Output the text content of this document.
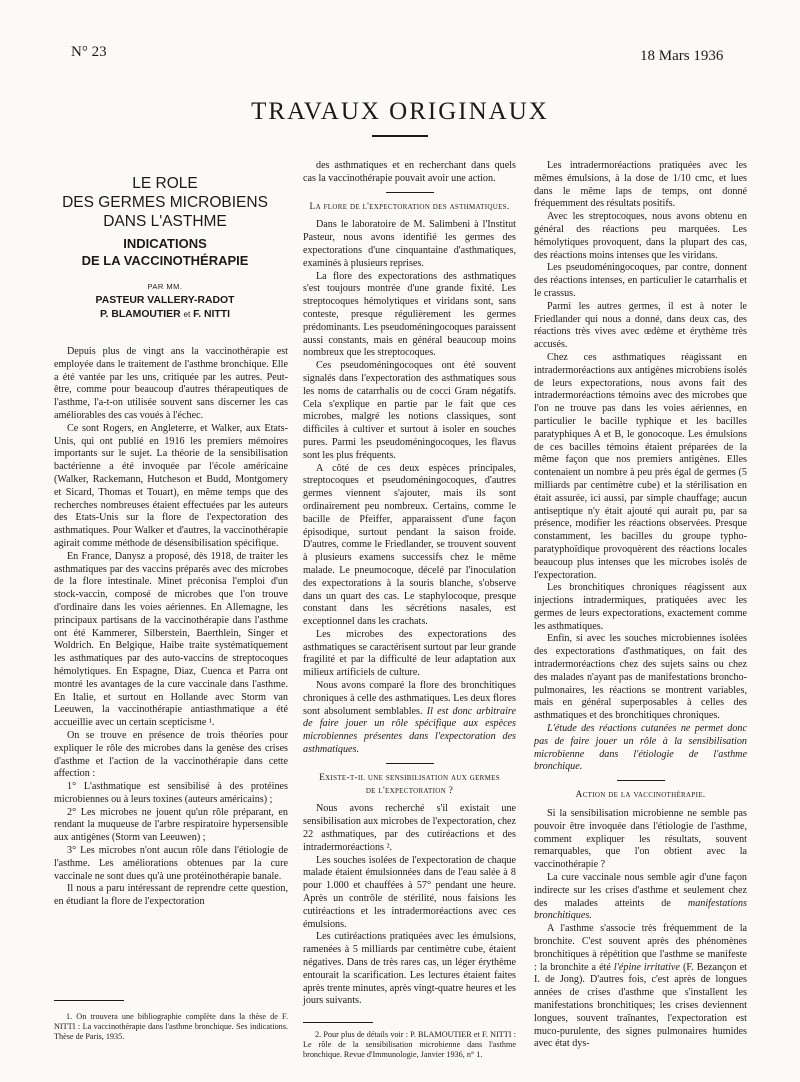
N° 23	18 Mars 1936
TRAVAUX ORIGINAUX
LE ROLE
DES GERMES MICROBIENS
DANS L'ASTHME
INDICATIONS
DE LA VACCINOTHÉRAPIE
PAR MM.
PASTEUR VALLERY-RADOT
P. BLAMOUTIER et F. NITTI

Depuis plus de vingt ans la vaccinothérapie est employée dans le traitement de l'asthme bronchique. Elle a été vantée par les uns, critiquée par les autres. Peut-être, comme pour beaucoup d'autres thérapeutiques de l'asthme, l'a-t-on utilisée souvent sans discerner les cas améliorables des cas voués à l'échec.

Ce sont Rogers, en Angleterre, et Walker, aux Etats-Unis, qui ont publié en 1916 les premiers mémoires importants sur le sujet. La théorie de la sensibilisation bactérienne a été invoquée par l'école américaine (Walker, Rackemann, Hutcheson et Budd, Montgomery et Sicard, Thomas et Touart), en même temps que des recherches nombreuses étaient effectuées par les auteurs des Etats-Unis sur la flore de l'expectoration des asthmatiques. Pour Walker et d'autres, la vaccinothérapie agirait comme méthode de désensibilisation spécifique.

En France, Danysz a proposé, dès 1918, de traiter les asthmatiques par des vaccins préparés avec des microbes de la flore intestinale. Minet préconisa l'emploi d'un stock-vaccin, composé de microbes que l'on trouve d'ordinaire dans les voies aériennes. En Allemagne, les principaux partisans de la vaccinothérapie dans l'asthme ont été Kammerer, Silberstein, Baerthlein, Singer et Woldrich. En Belgique, Haibe traite systématiquement les asthmatiques par des auto-vaccins de streptocoques hémolytiques. En Espagne, Diaz, Cuenca et Parra ont montré les avantages de la cure vaccinale dans l'asthme. En Italie, et surtout en Hollande avec Storm van Leeuwen, la vaccinothérapie antiasthmatique a été accueillie avec un certain scepticisme ¹.

On se trouve en présence de trois théories pour expliquer le rôle des microbes dans la genèse des crises d'asthme et l'action de la vaccinothérapie dans cette affection :

1° L'asthmatique est sensibilisé à des protéines microbiennes ou à leurs toxines (auteurs américains) ;

2° Les microbes ne jouent qu'un rôle préparant, en rendant la muqueuse de l'arbre respiratoire hypersensible aux antigènes (Storm van Leeuwen) ;

3° Les microbes n'ont aucun rôle dans l'étiologie de l'asthme. Les améliorations obtenues par la cure vaccinale ne sont dues qu'à une protéinothérapie banale.

Il nous a paru intéressant de reprendre cette question, en étudiant la flore de l'expectoration

1. On trouvera une bibliographie complète dans la thèse de F. NITTI : La vaccinothérapie dans l'asthme bronchique. Ses indications. Thèse de Paris, 1935.

des asthmatiques et en recherchant dans quels cas la vaccinothérapie pouvait avoir une action.

La flore de l'expectoration des asthmatiques.

Dans le laboratoire de M. Salimbeni à l'Institut Pasteur, nous avons identifié les germes des expectorations d'une cinquantaine d'asthmatiques, examinés à plusieurs reprises.

La flore des expectorations des asthmatiques s'est toujours montrée d'une grande fixité. Les streptocoques hémolytiques et viridans sont, sans conteste, presque régulièrement les germes prédominants. Les pseudoméningocoques paraissent aussi constants, mais en général beaucoup moins nombreux que les streptocoques.

Ces pseudoméningocoques ont été souvent signalés dans l'expectoration des asthmatiques sous les noms de catarrhalis ou de cocci Gram négatifs. Cela s'explique en partie par le fait que ces microbes, malgré les notions classiques, sont difficiles à cultiver et surtout à isoler en souches pures. Parmi les pseudoméningocoques, les flavus sont les plus fréquents.

A côté de ces deux espèces principales, streptocoques et pseudoméningocoques, d'autres germes viennent s'ajouter, mais ils sont ordinairement peu nombreux. Certains, comme le bacille de Pfeiffer, apparaissent d'une façon épisodique, surtout pendant la saison froide. D'autres, comme le Friedlander, se trouvent souvent à plusieurs examens successifs chez le même malade. Le pneumocoque, décelé par l'inoculation des expectorations à la souris blanche, s'observe dans un quart des cas. Le staphylocoque, presque constant dans les sécrétions nasales, est exceptionnel dans les crachats.

Les microbes des expectorations des asthmatiques se caractérisent surtout par leur grande fragilité et par la difficulté de leur adaptation aux milieux artificiels de culture.

Nous avons comparé la flore des bronchitiques chroniques à celle des asthmatiques. Les deux flores sont absolument semblables. Il est donc arbitraire de faire jouer un rôle spécifique aux espèces microbiennes présentes dans l'expectoration des asthmatiques.

Existe-t-il une sensibilisation aux germes
de l'expectoration ?

Nous avons recherché s'il existait une sensibilisation aux microbes de l'expectoration, chez 22 asthmatiques, par des cutiréactions et des intradermoréactions ².

Les souches isolées de l'expectoration de chaque malade étaient émulsionnées dans de l'eau salée à 8 pour 1.000 et chauffées à 57° pendant une heure. Après un contrôle de stérilité, nous faisions les cutiréactions et les intradermoréactions avec ces émulsions.

Les cutiréactions pratiquées avec les émulsions, ramenées à 5 milliards par centimètre cube, étaient négatives. Dans de très rares cas, un léger érythème entourait la scarification. Les lectures étaient faites après trente minutes, après vingt-quatre heures et les jours suivants.

2. Pour plus de détails voir : P. BLAMOUTIER et F. NITTI : Le rôle de la sensibilisation microbienne dans l'asthme bronchique. Revue d'Immunologie, Janvier 1936, n° 1.

Les intradermoréactions pratiquées avec les mêmes émulsions, à la dose de 1/10 cmc, et lues dans le même laps de temps, ont donné fréquemment des résultats positifs.

Avec les streptocoques, nous avons obtenu en général des réactions peu marquées. Les hémolytiques provoquent, dans la plupart des cas, des réactions moins intenses que les viridans.

Les pseudoméningocoques, par contre, donnent des réactions intenses, en particulier le catarrhalis et le crassus.

Parmi les autres germes, il est à noter le Friedlander qui nous a donné, dans deux cas, des réactions très vives avec œdème et érythème très accusés.

Chez ces asthmatiques réagissant en intradermoréactions aux antigènes microbiens isolés de leurs expectorations, nous avons fait des intradermoréactions témoins avec des microbes que l'on ne trouve pas dans les voies aériennes, en particulier le bacille typhique et les bacilles paratyphiques A et B, le gonocoque. Les émulsions de ces bacilles témoins étaient préparées de la même façon que nos premiers antigènes. Elles contenaient un nombre à peu près égal de germes (5 milliards par centimètre cube) et la stérilisation en était assurée, ici aussi, par simple chauffage; aucun antiseptique n'y était ajouté qui aurait pu, par sa présence, modifier les réactions observées. Presque constamment, les bacilles du groupe typho-paratyphoïdique provoquèrent des réactions locales beaucoup plus intenses que les microbes isolés de l'expectoration.

Les bronchitiques chroniques réagissent aux injections intradermiques, pratiquées avec les germes de leurs expectorations, exactement comme les asthmatiques.

Enfin, si avec les souches microbiennes isolées des expectorations d'asthmatiques, on fait des intradermoréactions chez des sujets sains ou chez des malades n'ayant pas de manifestations broncho-pulmonaires, les réactions se montrent variables, mais en général superposables à celles des asthmatiques et des bronchitiques chroniques.

L'étude des réactions cutanées ne permet donc pas de faire jouer un rôle à la sensibilisation microbienne dans l'étiologie de l'asthme bronchique.

Action de la vaccinothérapie.

Si la sensibilisation microbienne ne semble pas pouvoir être invoquée dans l'étiologie de l'asthme, comment expliquer les résultats, souvent remarquables, que l'on obtient avec la vaccinothérapie ?

La cure vaccinale nous semble agir d'une façon indirecte sur les crises d'asthme et seulement chez des malades atteints de manifestations bronchitiques.

A l'asthme s'associe très fréquemment de la bronchite. C'est souvent après des phénomènes bronchitiques à répétition que l'asthme se manifeste : la bronchite a été l'épine irritative (F. Bezançon et I. de Jong). D'autres fois, c'est après de longues années de crises d'asthme que s'installent les manifestations bronchitiques; les crises deviennent longues, souvent traînantes, l'expectoration est muco-purulente, des signes pulmonaires humides avec état dys-
